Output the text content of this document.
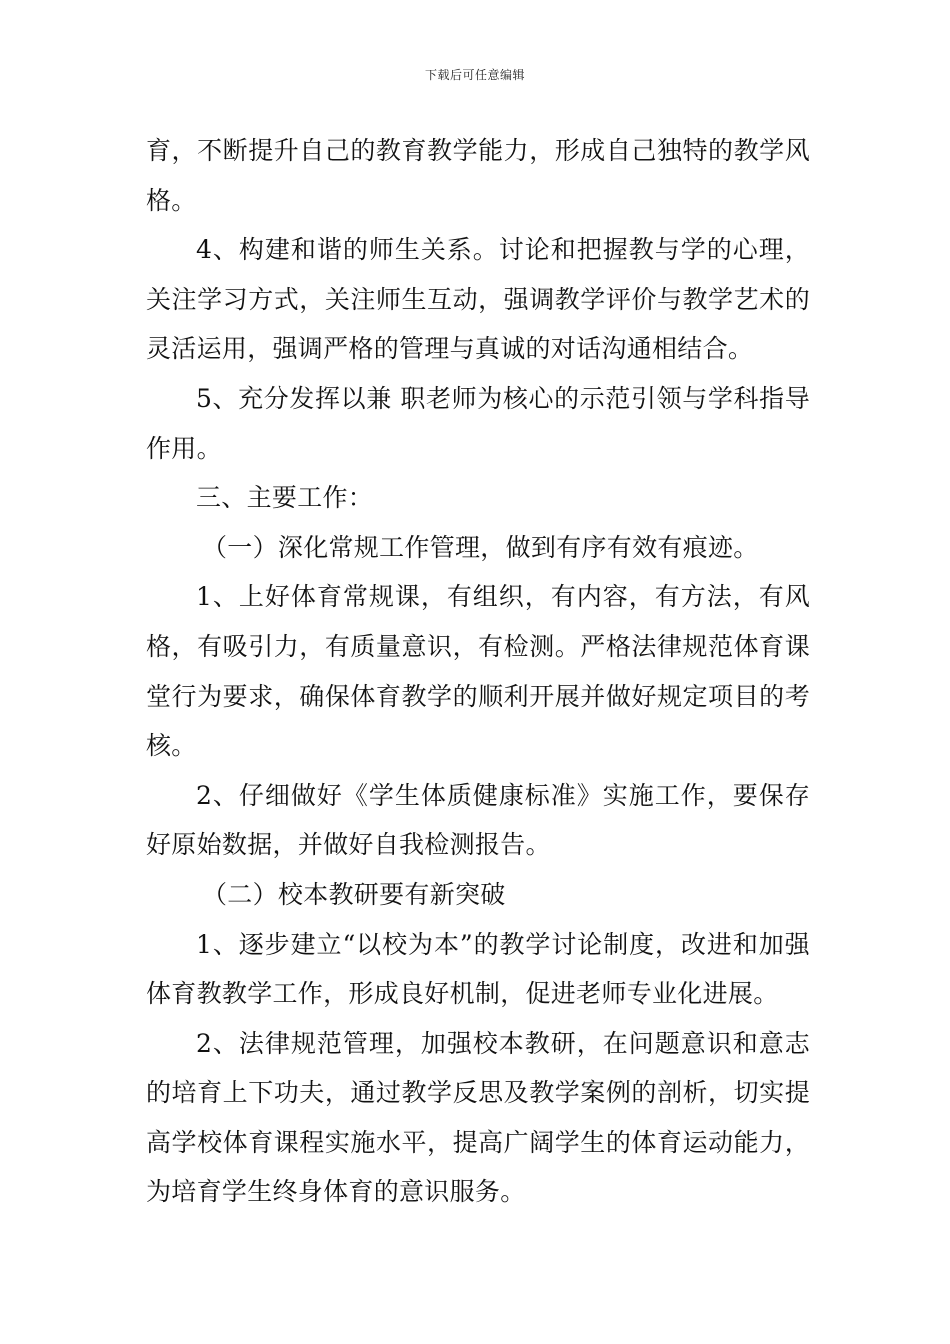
下载后可任意编辑

育，不断提升自己的教育教学能力，形成自己独特的教学风格。

4、构建和谐的师生关系。讨论和把握教与学的心理，关注学习方式，关注师生互动，强调教学评价与教学艺术的灵活运用，强调严格的管理与真诚的对话沟通相结合。

5、充分发挥以兼 职老师为核心的示范引领与学科指导作用。

三、主要工作：

（一）深化常规工作管理，做到有序有效有痕迹。

1、上好体育常规课，有组织，有内容，有方法，有风格，有吸引力，有质量意识，有检测。严格法律规范体育课堂行为要求，确保体育教学的顺利开展并做好规定项目的考核。

2、仔细做好《学生体质健康标准》实施工作，要保存好原始数据，并做好自我检测报告。

（二）校本教研要有新突破

1、逐步建立“以校为本”的教学讨论制度，改进和加强体育教教学工作，形成良好机制，促进老师专业化进展。

2、法律规范管理，加强校本教研，在问题意识和意志的培育上下功夫，通过教学反思及教学案例的剖析，切实提高学校体育课程实施水平，提高广阔学生的体育运动能力，为培育学生终身体育的意识服务。
